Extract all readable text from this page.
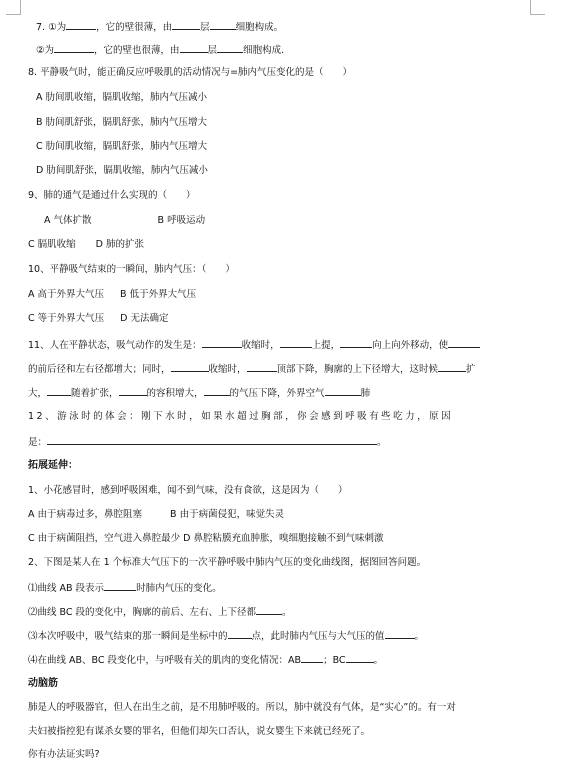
7. ①为	，它的壁很薄，由	层	细胞构成。
②为	，它的壁也很薄，由	层	细胞构成.
8. 平静吸气时，能正确反应呼吸肌的活动情况与=肺内气压变化的是（　　）
A 肋间肌收缩，膈肌收缩，肺内气压减小
B 肋间肌舒张，膈肌舒张，肺内气压增大
C 肋间肌收缩，膈肌舒张，肺内气压增大
D 肋间肌舒张，膈肌收缩，肺内气压减小
9、肺的通气是通过什么实现的（　　）
A 气体扩散	B 呼吸运动
C 膈肌收缩 D 肺的扩张
10、平静吸气结束的一瞬间，肺内气压：（　　）
A 高于外界大气压 B 低于外界大气压
C 等于外界大气压 D 无法确定
11、人在平静状态，吸气动作的发生是：	收缩时，	上提，	向上向外移动，使
的前后径和左右径都增大；同时，	收缩时，	顶部下降，胸廓的上下径增大，这时候	扩
大，	随着扩张，	的容积增大，	的气压下降，外界空气	肺
12、游泳时的体会：刚下水时，如果水超过胸部，你会感到呼吸有些吃力，原因
是：	。
拓展延伸：
1、小花感冒时，感到呼吸困难，闻不到气味，没有食欲，这是因为（　　）
A 由于病毒过多，鼻腔阻塞	B 由于病菌侵犯，味觉失灵
C 由于病菌阻挡，空气进入鼻腔最少 D 鼻腔粘膜充血肿胀，嗅细胞接触不到气味刺激
2、下图是某人在 1 个标准大气压下的一次平静呼吸中肺内气压的变化曲线图，据图回答问题。
⑴曲线 AB 段表示	时肺内气压的变化。
⑵曲线 BC 段的变化中，胸廓的前后、左右、上下径都	。
⑶本次呼吸中，吸气结束的那一瞬间是坐标中的	点，此时肺内气压与大气压的值	。
⑷在曲线 AB、BC 段变化中，与呼吸有关的肌肉的变化情况：AB ；BC	。
动脑筋
肺是人的呼吸器官，但人在出生之前，是不用肺呼吸的。所以，肺中就没有气体，是“实心”的。有一对
夫妇被指控犯有谋杀女婴的罪名，但他们却矢口否认，说女婴生下来就已经死了。
你有办法证实吗?
